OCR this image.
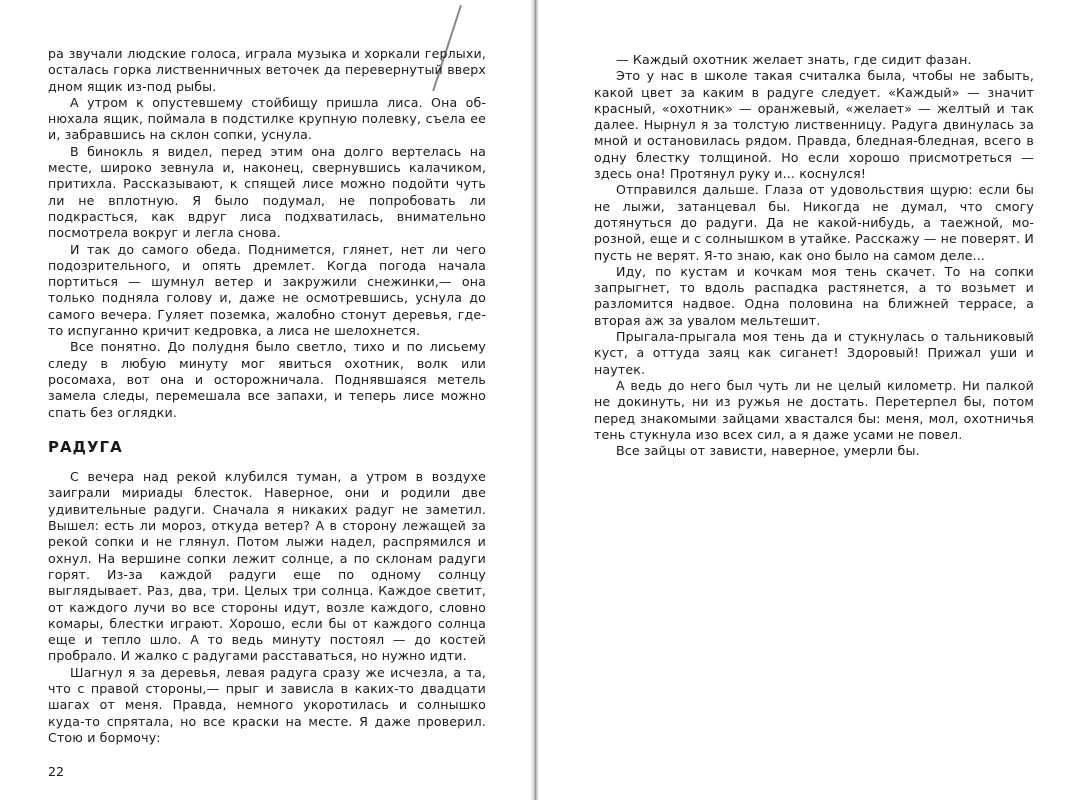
ра звучали людские голоса, играла музыка и хоркали герлыхи, осталась горка лиственничных веточек да перевернутый вверх дном ящик из-под рыбы.

А утром к опустевшему стойбищу пришла лиса. Она обнюхала ящик, поймала в подстилке крупную полевку, съела ее и, забравшись на склон сопки, уснула.

В бинокль я видел, перед этим она долго вертелась на месте, широко зевнула и, наконец, свернувшись калачиком, притихла. Рассказывают, к спящей лисе можно подойти чуть ли не вплотную. Я было подумал, не попробовать ли подкрасться, как вдруг лиса подхватилась, внимательно посмотрела вокруг и легла снова.

И так до самого обеда. Поднимется, глянет, нет ли чего подозрительного, и опять дремлет. Когда погода начала портиться — шумнул ветер и закружили снежинки,— она только подняла голову и, даже не осмотревшись, уснула до самого вечера. Гуляет поземка, жалобно стонут деревья, где-то испуганно кричит кедровка, а лиса не шелохнется.

Все понятно. До полудня было светло, тихо и по лисьему следу в любую минуту мог явиться охотник, волк или росомаха, вот она и осторожничала. Поднявшаяся метель замела следы, перемешала все запахи, и теперь лисе можно спать без оглядки.

РАДУГА

С вечера над рекой клубился туман, а утром в воздухе заиграли мириады блесток. Наверное, они и родили две удивительные радуги. Сначала я никаких радуг не заметил. Вышел: есть ли мороз, откуда ветер? А в сторону лежащей за рекой сопки и не глянул. Потом лыжи надел, распрямился и охнул. На вершине сопки лежит солнце, а по склонам радуги горят. Из-за каждой радуги еще по одному солнцу выглядывает. Раз, два, три. Целых три солнца. Каждое светит, от каждого лучи во все стороны идут, возле каждого, словно комары, блестки играют. Хорошо, если бы от каждого солнца еще и тепло шло. А то ведь минуту постоял — до костей пробрало. И жалко с радугами расставаться, но нужно идти.

Шагнул я за деревья, левая радуга сразу же исчезла, а та, что с правой стороны,— прыг и зависла в каких-то двадцати шагах от меня. Правда, немного укоротилась и солнышко куда-то спрятала, но все краски на месте. Я даже проверил. Стою и бормочу:

22

— Каждый охотник желает знать, где сидит фазан.

Это у нас в школе такая считалка была, чтобы не забыть, какой цвет за каким в радуге следует. «Каждый» — значит красный, «охотник» — оранжевый, «желает» — желтый и так далее. Нырнул я за толстую лиственницу. Радуга двинулась за мной и остановилась рядом. Правда, бледная-бледная, всего в одну блестку толщиной. Но если хорошо присмотреться — здесь она! Протянул руку и... коснулся!

Отправился дальше. Глаза от удовольствия щурю: если бы не лыжи, затанцевал бы. Никогда не думал, что смогу дотянуться до радуги. Да не какой-нибудь, а таежной, морозной, еще и с солнышком в утайке. Расскажу — не поверят. И пусть не верят. Я-то знаю, как оно было на самом деле...

Иду, по кустам и кочкам моя тень скачет. То на сопки запрыгнет, то вдоль распадка растянется, а то возьмет и разломится надвое. Одна половина на ближней террасе, а вторая аж за увалом мельтешит.

Прыгала-прыгала моя тень да и стукнулась о тальниковый куст, а оттуда заяц как сиганет! Здоровый! Прижал уши и наутек.

А ведь до него был чуть ли не целый километр. Ни палкой не докинуть, ни из ружья не достать. Перетерпел бы, потом перед знакомыми зайцами хвастался бы: меня, мол, охотничья тень стукнула изо всех сил, а я даже усами не повел.

Все зайцы от зависти, наверное, умерли бы.
